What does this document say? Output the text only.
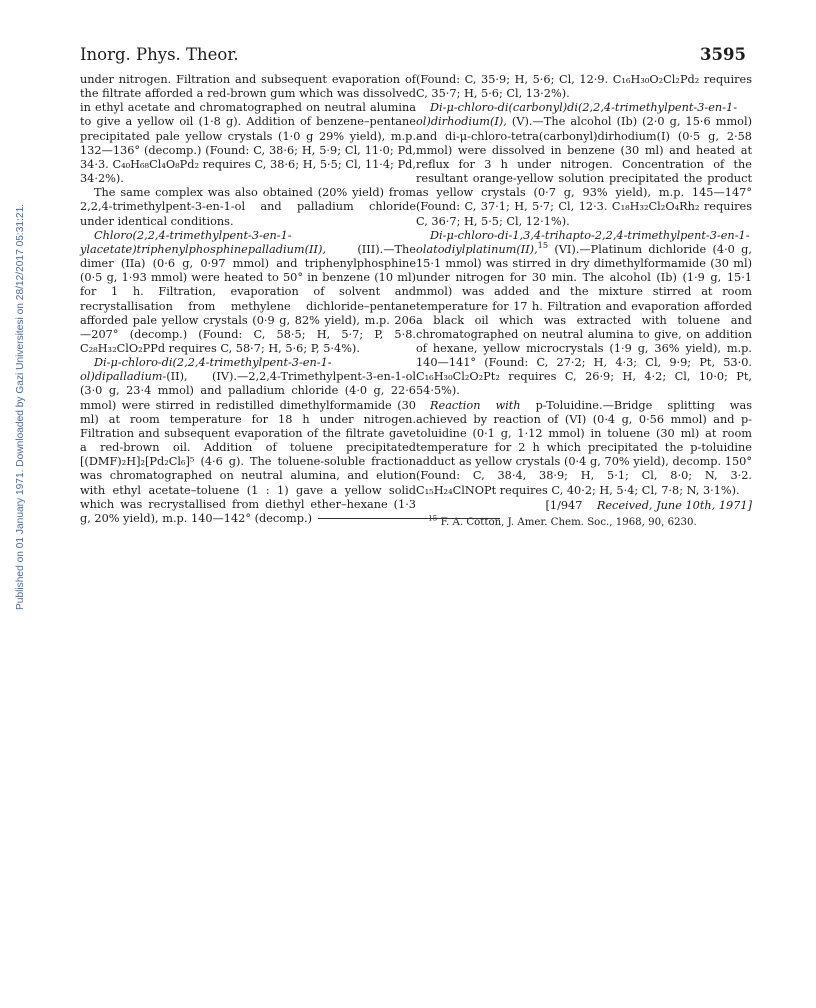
Published on 01 January 1971. Downloaded by Gazi Universitesi on 28/12/2017 05:31:21.
Inorg. Phys. Theor.	3595

under nitrogen. Filtration and subsequent evaporation of the filtrate afforded a red-brown gum which was dissolved in ethyl acetate and chromatographed on neutral alumina to give a yellow oil (1·8 g). Addition of benzene–pentane precipitated pale yellow crystals (1·0 g 29% yield), m.p. 132—136° (decomp.) (Found: C, 38·6; H, 5·9; Cl, 11·0; Pd, 34·3. C₄₀H₆₈Cl₄O₈Pd₂ requires C, 38·6; H, 5·5; Cl, 11·4; Pd, 34·2%).

The same complex was also obtained (20% yield) from 2,2,4-trimethylpent-3-en-1-ol and palladium chloride under identical conditions.

Chloro(2,2,4-trimethylpent-3-en-1-ylacetate)triphenylphosphinepalladium(II), (III).—The dimer (IIa) (0·6 g, 0·97 mmol) and triphenylphosphine (0·5 g, 1·93 mmol) were heated to 50° in benzene (10 ml) for 1 h. Filtration, evaporation of solvent and recrystallisation from methylene dichloride–pentane afforded pale yellow crystals (0·9 g, 82% yield), m.p. 206—207° (decomp.) (Found: C, 58·5; H, 5·7; P, 5·8. C₂₈H₃₂ClO₂PPd requires C, 58·7; H, 5·6; P, 5·4%).

Di-μ-chloro-di(2,2,4-trimethylpent-3-en-1-ol)dipalladium-(II), (IV).—2,2,4-Trimethylpent-3-en-1-ol (3·0 g, 23·4 mmol) and palladium chloride (4·0 g, 22·6 mmol) were stirred in redistilled dimethylformamide (30 ml) at room temperature for 18 h under nitrogen. Filtration and subsequent evaporation of the filtrate gave a red-brown oil. Addition of toluene precipitated [(DMF)₂H]₂[Pd₂Cl₆]⁵ (4·6 g). The toluene-soluble fraction was chromatographed on neutral alumina, and elution with ethyl acetate–toluene (1 : 1) gave a yellow solid which was recrystallised from diethyl ether–hexane (1·3 g, 20% yield), m.p. 140—142° (decomp.)

(Found: C, 35·9; H, 5·6; Cl, 12·9. C₁₆H₃₀O₂Cl₂Pd₂ requires C, 35·7; H, 5·6; Cl, 13·2%).

Di-μ-chloro-di(carbonyl)di(2,2,4-trimethylpent-3-en-1-ol)dirhodium(I), (V).—The alcohol (Ib) (2·0 g, 15·6 mmol) and di-μ-chloro-tetra(carbonyl)dirhodium(I) (0·5 g, 2·58 mmol) were dissolved in benzene (30 ml) and heated at reflux for 3 h under nitrogen. Concentration of the resultant orange-yellow solution precipitated the product as yellow crystals (0·7 g, 93% yield), m.p. 145—147° (Found: C, 37·1; H, 5·7; Cl, 12·3. C₁₈H₃₂Cl₂O₄Rh₂ requires C, 36·7; H, 5·5; Cl, 12·1%).

Di-μ-chloro-di-1,3,4-trihapto-2,2,4-trimethylpent-3-en-1-olatodiylplatinum(II),$^{15}$ (VI).—Platinum dichloride (4·0 g, 15·1 mmol) was stirred in dry dimethylformamide (30 ml) under nitrogen for 30 min. The alcohol (Ib) (1·9 g, 15·1 mmol) was added and the mixture stirred at room temperature for 17 h. Filtration and evaporation afforded a black oil which was extracted with toluene and chromatographed on neutral alumina to give, on addition of hexane, yellow microcrystals (1·9 g, 36% yield), m.p. 140—141° (Found: C, 27·2; H, 4·3; Cl, 9·9; Pt, 53·0. C₁₆H₃₀Cl₂O₂Pt₂ requires C, 26·9; H, 4·2; Cl, 10·0; Pt, 54·5%).

Reaction with p-Toluidine.—Bridge splitting was achieved by reaction of (VI) (0·4 g, 0·56 mmol) and p-toluidine (0·1 g, 1·12 mmol) in toluene (30 ml) at room temperature for 2 h which precipitated the p-toluidine adduct as yellow crystals (0·4 g, 70% yield), decomp. 150° (Found: C, 38·4, 38·9; H, 5·1; Cl, 8·0; N, 3·2. C₁₅H₂₄ClNOPt requires C, 40·2; H, 5·4; Cl, 7·8; N, 3·1%).

[1/947 Received, June 10th, 1971]
$^{15}$ F. A. Cotton, J. Amer. Chem. Soc., 1968, 90, 6230.
